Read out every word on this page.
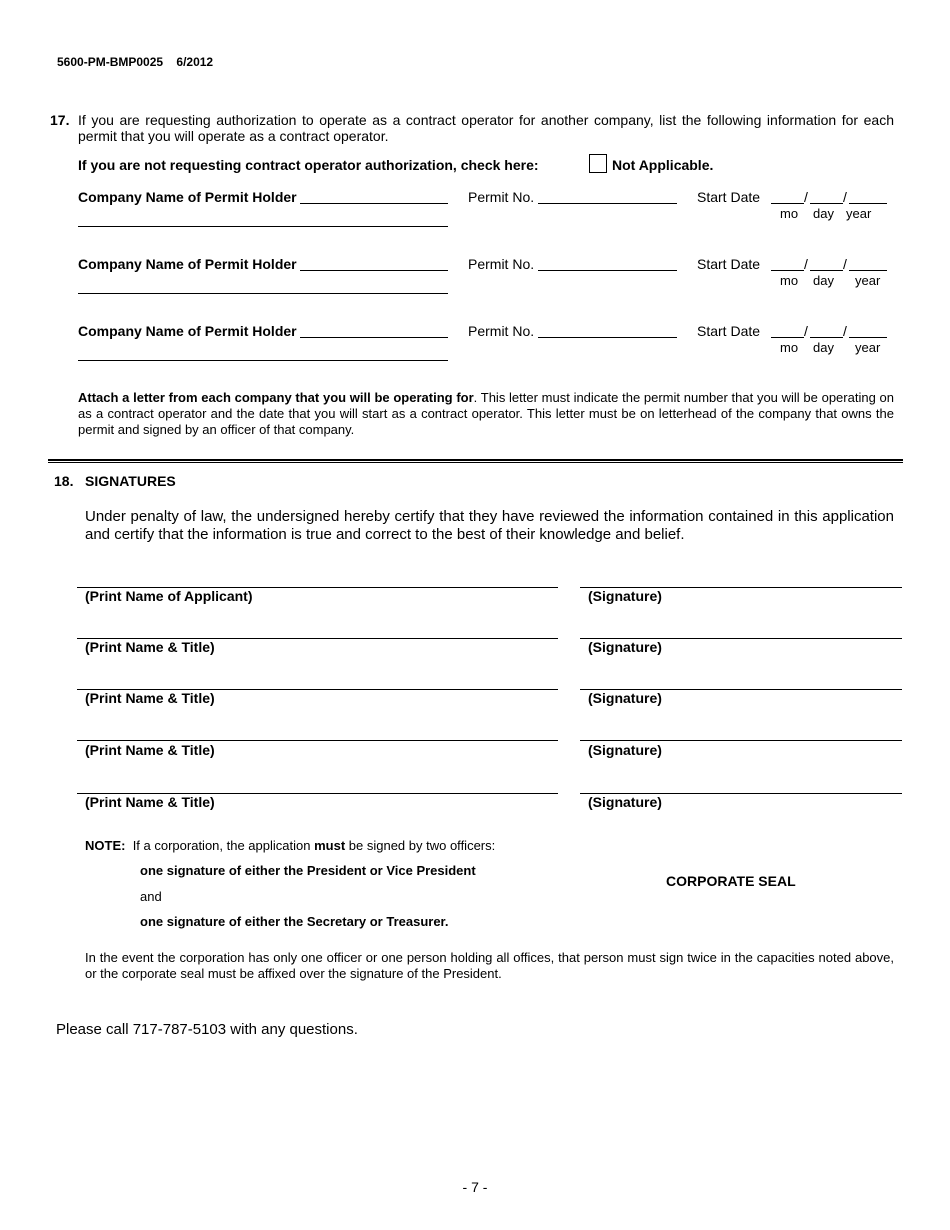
5600-PM-BMP0025 6/2012
17. If you are requesting authorization to operate as a contract operator for another company, list the following information for each permit that you will operate as a contract operator.
If you are not requesting contract operator authorization, check here:	Not Applicable.
Company Name of Permit Holder	Permit No.	Start Date	/	/
mo day year
Company Name of Permit Holder	Permit No.	Start Date	/	/
mo day year
Company Name of Permit Holder	Permit No.	Start Date	/	/
mo day year
Attach a letter from each company that you will be operating for. This letter must indicate the permit number that you will be operating on as a contract operator and the date that you will start as a contract operator. This letter must be on letterhead of the company that owns the permit and signed by an officer of that company.
18. SIGNATURES
Under penalty of law, the undersigned hereby certify that they have reviewed the information contained in this application and certify that the information is true and correct to the best of their knowledge and belief.
(Print Name of Applicant)	(Signature)
(Print Name & Title)	(Signature)
(Print Name & Title)	(Signature)
(Print Name & Title)	(Signature)
(Print Name & Title)	(Signature)
NOTE: If a corporation, the application must be signed by two officers:
one signature of either the President or Vice President
and
one signature of either the Secretary or Treasurer.
CORPORATE SEAL
In the event the corporation has only one officer or one person holding all offices, that person must sign twice in the capacities noted above, or the corporate seal must be affixed over the signature of the President.
Please call 717-787-5103 with any questions.
- 7 -
